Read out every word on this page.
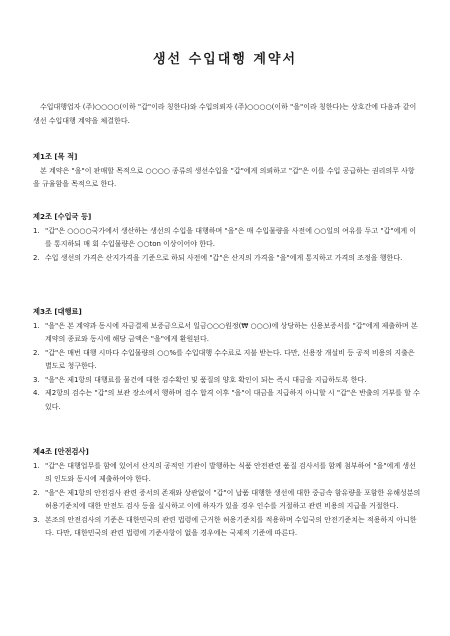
생선 수입대행 계약서

수입대행업자 (주)○○○○(이하 "갑"이라 칭한다)와 수입의뢰자 (주)○○○○(이하 "을"이라 칭한다)는 상호간에 다음과 같이 생선 수입대행 계약을 체결한다.

제1조 [목 적]

본 계약은 "을"이 판매할 목적으로 ○○○○ 종류의 생선수입을 "갑"에게 의뢰하고 "갑"은 이를 수입 공급하는 권리의무 사항을 규율함을 목적으로 한다.

제2조 [수입국 등]
1. "갑"은 ○○○○국가에서 생산하는 생선의 수입을 대행하며 "을"은 매 수입물량을 사전에 ○○일의 여유를 두고 "갑"에게 이를 통지하되 매 회 수입물량은 ○○ton 이상이어야 한다.
2. 수입 생선의 가격은 산지가격을 기준으로 하되 사전에 "갑"은 산지의 가격을 "을"에게 통지하고 가격의 조정을 행한다.
제3조 [대행료]
1. "을"은 본 계약과 동시에 자금결제 보증금으로서 일금○○○원정(₩ ○○○)에 상당하는 신용보증서를 "갑"에게 제출하며 본 계약의 종료와 동시에 해당 금액은 "을"에게 환원된다.
2. "갑"은 매번 대행 시마다 수입물량의 ○○%를 수입대행 수수료로 지불 받는다. 다만, 신용장 개설비 등 공적 비용의 지출은 별도로 청구한다.
3. "을"은 제1항의 대행료를 물건에 대한 검수확인 및 품질의 양호 확인이 되는 즉시 대금을 지급하도록 한다.
4. 제2항의 검수는 "갑"의 보관 장소에서 행하며 검수 합격 이후 "을"이 대금을 지급하지 아니할 시 "갑"은 반출의 거부를 할 수 있다.
제4조 [안전검사]
1. "갑"은 대행업무를 함에 있어서 산지의 공적인 기관이 발행하는 식품 안전관련 품질 검사서를 함께 첨부하여 "을"에게 생선의 인도와 동시에 제출하여야 한다.
2. "을"은 제1항의 안전검사 관련 증서의 존재와 상관없이 "갑"이 납품 대행한 생선에 대한 중금속 함유량을 포함한 유해성분의 허용기준치에 대한 안전도 검사 등을 실시하고 이에 하자가 있을 경우 인수를 거절하고 관련 비용의 지급을 거절한다.
3. 본조의 안전검사의 기준은 대한민국의 관련 법령에 근거한 허용기준치를 적용하며 수입국의 안전기준치는 적용하지 아니한다. 다만, 대한민국의 관련 법령에 기준사항이 없을 경우에는 국제적 기준에 따른다.
